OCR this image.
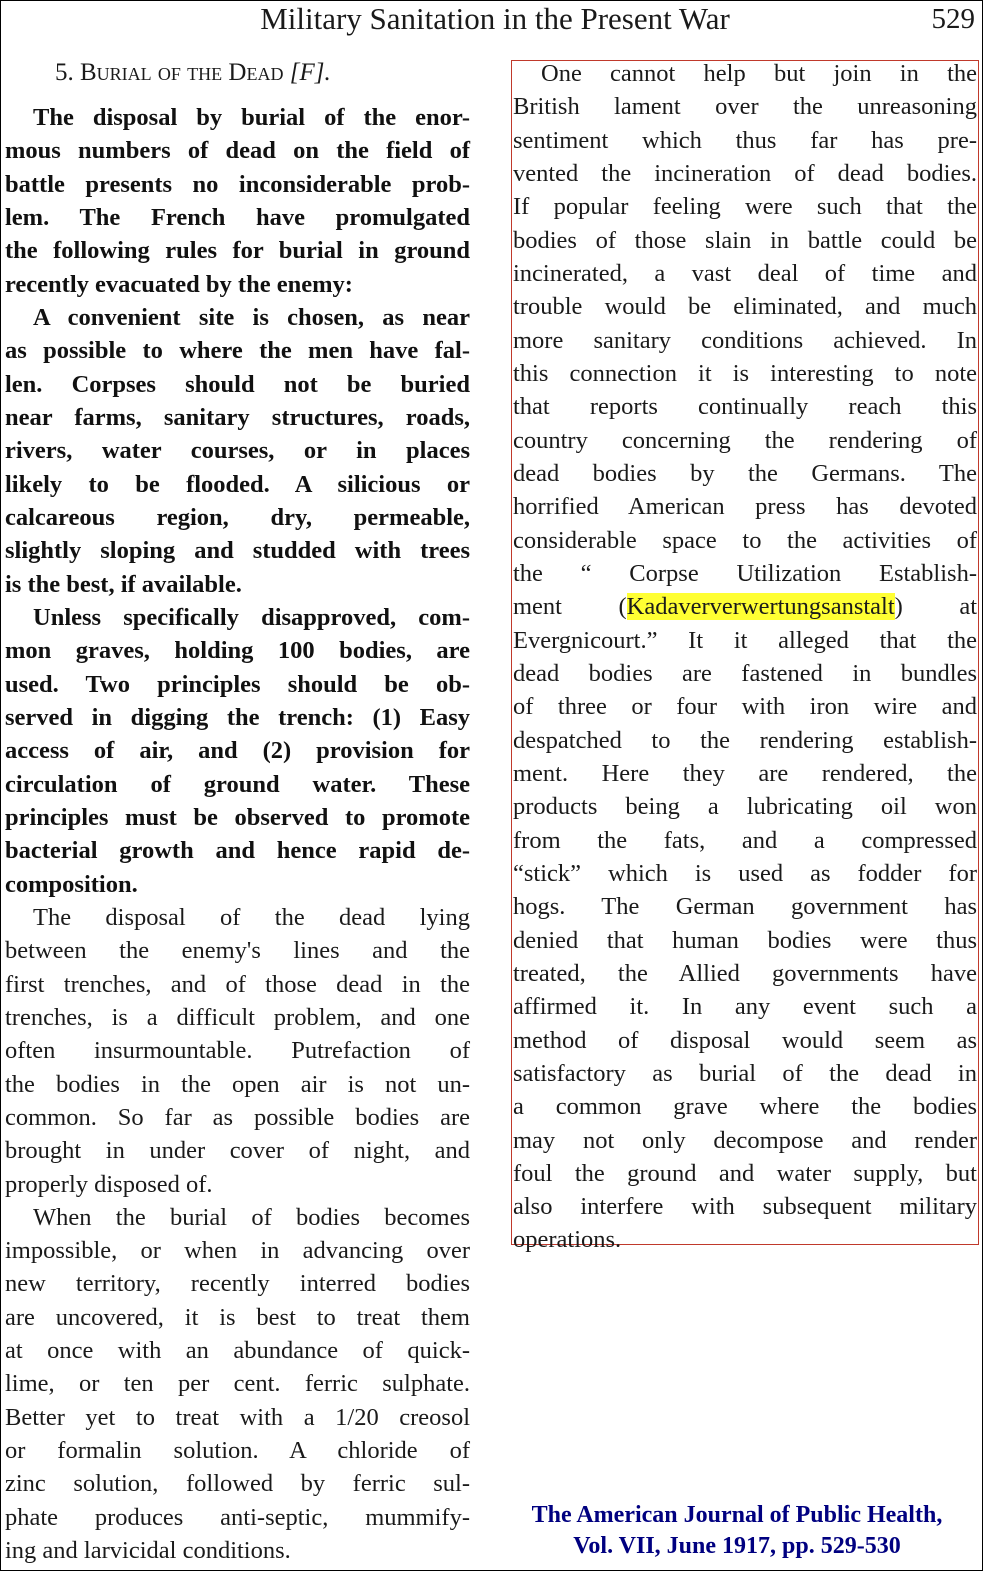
Military Sanitation in the Present War	529
5. Burial of the Dead [F].
The disposal by burial of the enor-
mous numbers of dead on the field of
battle presents no inconsiderable prob-
lem. The French have promulgated
the following rules for burial in ground
recently evacuated by the enemy:
A convenient site is chosen, as near
as possible to where the men have fal-
len. Corpses should not be buried
near farms, sanitary structures, roads,
rivers, water courses, or in places
likely to be flooded. A silicious or
calcareous region, dry, permeable,
slightly sloping and studded with trees
is the best, if available.
Unless specifically disapproved, com-
mon graves, holding 100 bodies, are
used. Two principles should be ob-
served in digging the trench: (1) Easy
access of air, and (2) provision for
circulation of ground water. These
principles must be observed to promote
bacterial growth and hence rapid de-
composition.
The disposal of the dead lying
between the enemy's lines and the
first trenches, and of those dead in the
trenches, is a difficult problem, and one
often insurmountable. Putrefaction of
the bodies in the open air is not un-
common. So far as possible bodies are
brought in under cover of night, and
properly disposed of.
When the burial of bodies becomes
impossible, or when in advancing over
new territory, recently interred bodies
are uncovered, it is best to treat them
at once with an abundance of quick-
lime, or ten per cent. ferric sulphate.
Better yet to treat with a 1/20 creosol
or formalin solution. A chloride of
zinc solution, followed by ferric sul-
phate produces anti-septic, mummify-
ing and larvicidal conditions.
One cannot help but join in the
British lament over the unreasoning
sentiment which thus far has pre-
vented the incineration of dead bodies.
If popular feeling were such that the
bodies of those slain in battle could be
incinerated, a vast deal of time and
trouble would be eliminated, and much
more sanitary conditions achieved. In
this connection it is interesting to note
that reports continually reach this
country concerning the rendering of
dead bodies by the Germans. The
horrified American press has devoted
considerable space to the activities of
the “ Corpse Utilization Establish-
ment (Kadaververwertungsanstalt) at
Evergnicourt.” It it alleged that the
dead bodies are fastened in bundles
of three or four with iron wire and
despatched to the rendering establish-
ment. Here they are rendered, the
products being a lubricating oil won
from the fats, and a compressed
“stick” which is used as fodder for
hogs. The German government has
denied that human bodies were thus
treated, the Allied governments have
affirmed it. In any event such a
method of disposal would seem as
satisfactory as burial of the dead in
a common grave where the bodies
may not only decompose and render
foul the ground and water supply, but
also interfere with subsequent military
operations.
The American Journal of Public Health,
Vol. VII, June 1917, pp. 529-530
